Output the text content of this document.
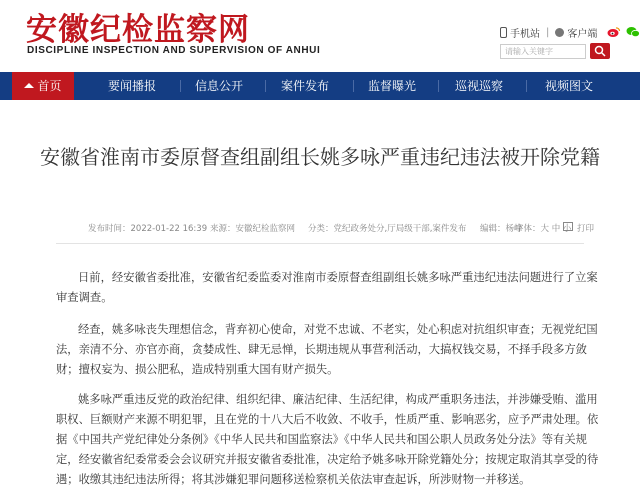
安徽纪检监察网
DISCIPLINE INSPECTION AND SUPERVISION OF ANHUI
手机站 | 客户端
请输入关键字
首页	要闻播报	信息公开	案件发布	监督曝光	巡视巡察	视频图文
安徽省淮南市委原督查组副组长姚多咏严重违纪违法被开除党籍
发布时间：2022-01-22 16:39 来源：安徽纪检监察网 分类：党纪政务处分,厅局级干部,案件发布 编辑：杨峰
字体：大 中 小 打印

日前，经安徽省委批准，安徽省纪委监委对淮南市委原督查组副组长姚多咏严重违纪违法问题进行了立案审查调查。

经查，姚多咏丧失理想信念，背弃初心使命，对党不忠诚、不老实，处心积虑对抗组织审查；无视党纪国法，亲清不分、亦官亦商，贪婪成性、肆无忌惮，长期违规从事营利活动，大搞权钱交易，不择手段多方敛财；擅权妄为、损公肥私，造成特别重大国有财产损失。

姚多咏严重违反党的政治纪律、组织纪律、廉洁纪律、生活纪律，构成严重职务违法，并涉嫌受贿、滥用职权、巨额财产来源不明犯罪，且在党的十八大后不收敛、不收手，性质严重、影响恶劣，应予严肃处理。依据《中国共产党纪律处分条例》《中华人民共和国监察法》《中华人民共和国公职人员政务处分法》等有关规定，经安徽省纪委常委会会议研究并报安徽省委批准，决定给予姚多咏开除党籍处分；按规定取消其享受的待遇；收缴其违纪违法所得；将其涉嫌犯罪问题移送检察机关依法审查起诉，所涉财物一并移送。
